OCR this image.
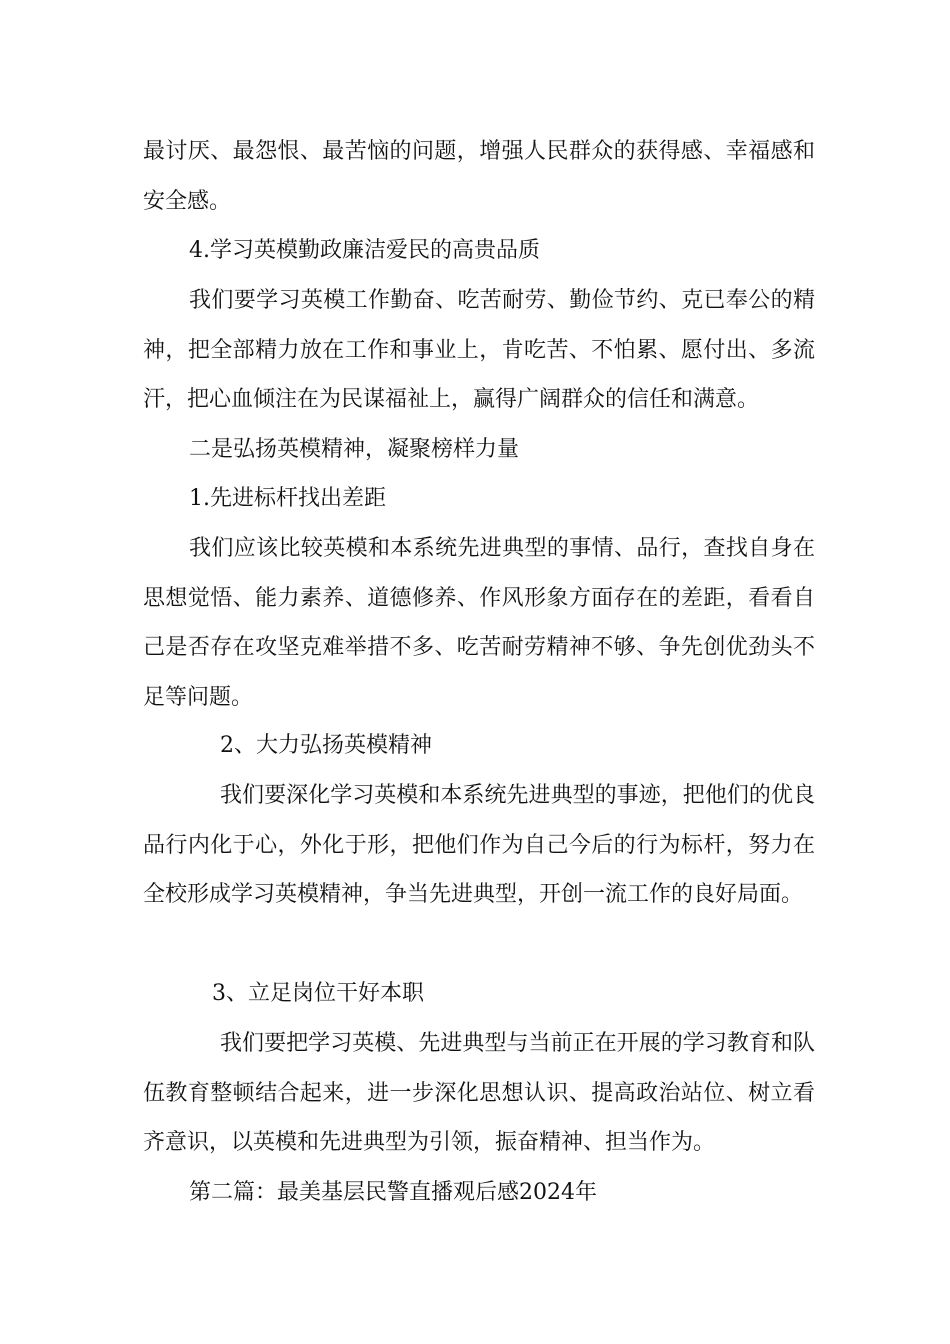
最讨厌、最怨恨、最苦恼的问题，增强人民群众的获得感、幸福感和安全感。
4.学习英模勤政廉洁爱民的高贵品质
我们要学习英模工作勤奋、吃苦耐劳、勤俭节约、克已奉公的精神，把全部精力放在工作和事业上，肯吃苦、不怕累、愿付出、多流汗，把心血倾注在为民谋福祉上，赢得广阔群众的信任和满意。
二是弘扬英模精神，凝聚榜样力量
1.先进标杆找出差距
我们应该比较英模和本系统先进典型的事情、品行，查找自身在思想觉悟、能力素养、道德修养、作风形象方面存在的差距，看看自己是否存在攻坚克难举措不多、吃苦耐劳精神不够、争先创优劲头不足等问题。
2、大力弘扬英模精神
我们要深化学习英模和本系统先进典型的事迹，把他们的优良品行内化于心，外化于形，把他们作为自己今后的行为标杆，努力在全校形成学习英模精神，争当先进典型，开创一流工作的良好局面。
3、立足岗位干好本职
我们要把学习英模、先进典型与当前正在开展的学习教育和队伍教育整顿结合起来，进一步深化思想认识、提高政治站位、树立看齐意识，以英模和先进典型为引领，振奋精神、担当作为。
第二篇：最美基层民警直播观后感2024年
